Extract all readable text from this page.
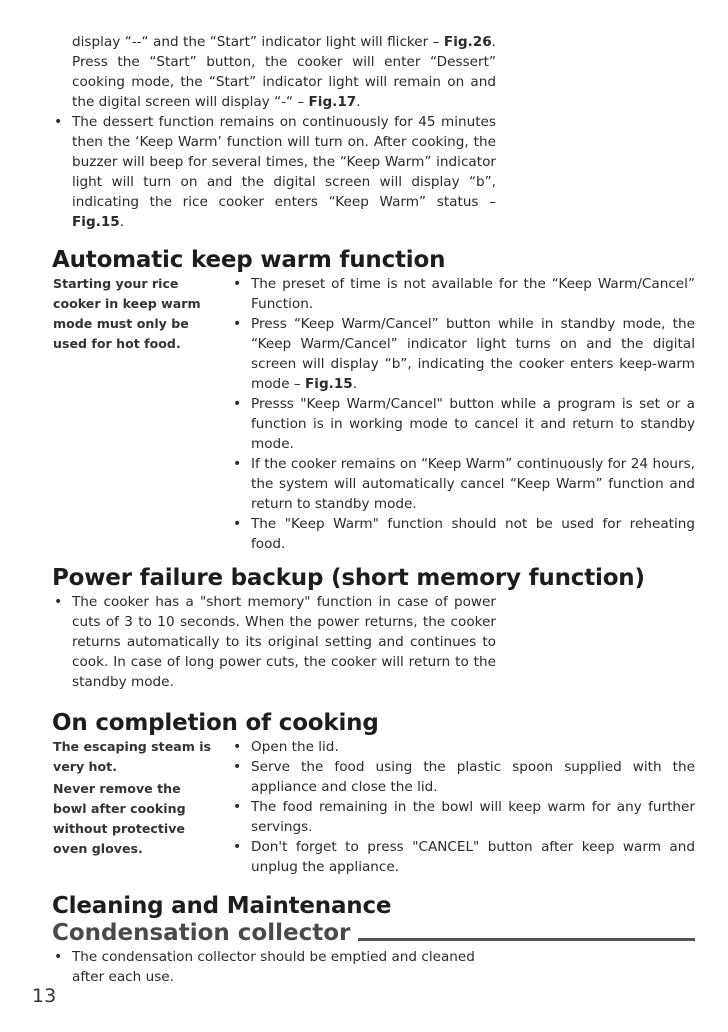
display “--“ and the “Start” indicator light will flicker – Fig.26. Press the “Start” button, the cooker will enter “Dessert” cooking mode, the “Start” indicator light will remain on and the digital screen will display “-“ – Fig.17.

• The dessert function remains on continuously for 45 minutes then the ‘Keep Warm’ function will turn on. After cooking, the buzzer will beep for several times, the “Keep Warm” indicator light will turn on and the digital screen will display “b”, indicating the rice cooker enters “Keep Warm” status – Fig.15.

Automatic keep warm function

Starting your rice cooker in keep warm mode must only be used for hot food.

• The preset of time is not available for the “Keep Warm/Cancel” Function.

• Press “Keep Warm/Cancel” button while in standby mode, the “Keep Warm/Cancel” indicator light turns on and the digital screen will display “b”, indicating the cooker enters keep-warm mode – Fig.15.

• Presss "Keep Warm/Cancel" button while a program is set or a function is in working mode to cancel it and return to standby mode.

• If the cooker remains on “Keep Warm” continuously for 24 hours, the system will automatically cancel “Keep Warm” function and return to standby mode.

• The "Keep Warm" function should not be used for reheating food.

Power failure backup (short memory function)

• The cooker has a "short memory" function in case of power cuts of 3 to 10 seconds. When the power returns, the cooker returns automatically to its original setting and continues to cook. In case of long power cuts, the cooker will return to the standby mode.

On completion of cooking

The escaping steam is very hot.

Never remove the bowl after cooking without protective oven gloves.

• Open the lid.

• Serve the food using the plastic spoon supplied with the appliance and close the lid.

• The food remaining in the bowl will keep warm for any further servings.

• Don't forget to press "CANCEL" button after keep warm and unplug the appliance.

Cleaning and Maintenance
Condensation collector

• The condensation collector should be emptied and cleaned after each use.

13
